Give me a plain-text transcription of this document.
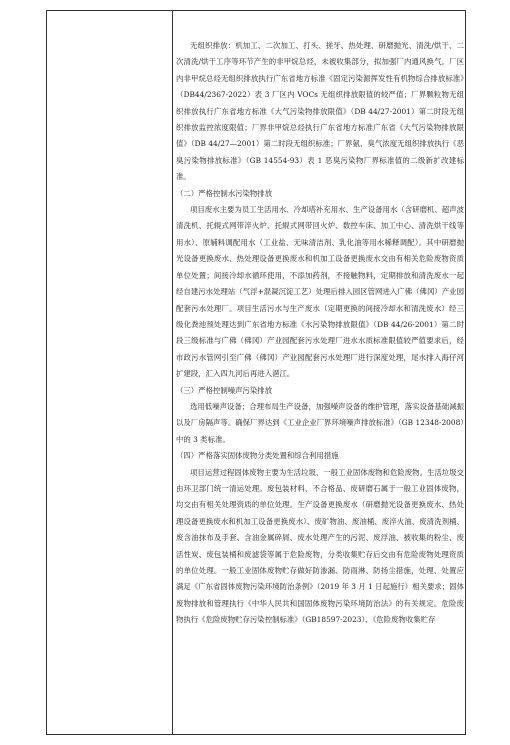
无组织排放：机加工、二次加工、打头、搓牙、热处理、研磨抛光、清洗/烘干、二次清洗/烘干工序等环节产生的非甲烷总烃，未被收集部分，拟加强厂内通风换气。厂区内非甲烷总烃无组织排放执行广东省地方标准《固定污染源挥发性有机物综合排放标准》（DB44/2367-2022）表 3 厂区内 VOCs 无组织排放限值的较严值；厂界颗粒物无组织排放执行广东省地方标准《大气污染物排放限值》（DB 44/27-2001）第二时段无组织排放监控浓度限值；厂界非甲烷总烃执行广东省地方标准广东省《大气污染物排放限值》（DB 44/27—2001）第二时段无组织标准；厂界氨、臭气浓度无组织排放执行《恶臭污染物排放标准》（GB 14554-93）表 1 恶臭污染物厂界标准值的二级新扩改建标准。

（二）严格控制水污染物排放

项目废水主要为员工生活用水、冷却塔补充用水、生产设备用水（含研磨机、超声波清洗机、托辊式网带淬火炉、托辊式网带回火炉、数控车床、加工中心、清洗烘干线等用水）、原辅料调配用水（工业盐、无味清洁剂、乳化油等用水稀释调配）。其中研磨抛光设备更换废水、热处理设备更换废水和机加工设备更换废水交由有相关危险废物资质单位处置；间接冷却水循环使用，不添加药剂，不接触物料，定期排放和清洗废水一起经自建污水处理站（气浮+混凝沉淀工艺）处理后排入园区管网进入广佛（佛冈）产业园配套污水处理厂。项目生活污水与生产废水（定期更换的间接冷却水和清洗废水）经三级化粪池预处理达到广东省地方标准《水污染物排放限值》（DB 44/26-2001）第二时段三级标准与广佛（佛冈）产业园配套污水处理厂进水水质标准限值较严值要求后，经市政污水管网引至广佛（佛冈）产业园配套污水处理厂进行深度处理，尾水排入海仔河扩建段，汇入四九河后再进入潖江。

（三）严格控制噪声污染排放

选用低噪声设备；合理布局生产设备，加强噪声设备的维护管理，落实设备基础减振以及厂房隔声等。确保厂界达到《工业企业厂界环境噪声排放标准》（GB 12348-2008）中的 3 类标准。

（四）严格落实固体废物分类处置和综合利用措施

项目运营过程固体废物主要为生活垃圾、一般工业固体废物和危险废物。生活垃圾交由环卫部门统一清运处理。废包装材料、不合格品、废研磨石属于一般工业固体废物，均交由有相关处理资质的单位处理。生产设备更换废水（研磨抛光设备更换废水、热处理设备更换废水和机加工设备更换废水）、废矿物油、废油桶、废淬火油、废清洗剂桶、废含油抹布及手套、含油金属碎屑、废水处理产生的污泥、废浮油、被收集的粉尘、废活性炭、废包装桶和废滤袋等属于危险废物，分类收集贮存后交由有危险废物处理资质的单位处理。一般工业固体废物贮存做好防渗漏、防雨淋、防扬尘措施，处理、处置应满足《广东省固体废物污染环境防治条例》（2019 年 3 月 1 日起施行）相关要求；固体废物排放和管理执行《中华人民共和国固体废物污染环境防治法》的有关规定。危险废物执行《危险废物贮存污染控制标准》（GB18597-2023）、《危险废物收集贮存
